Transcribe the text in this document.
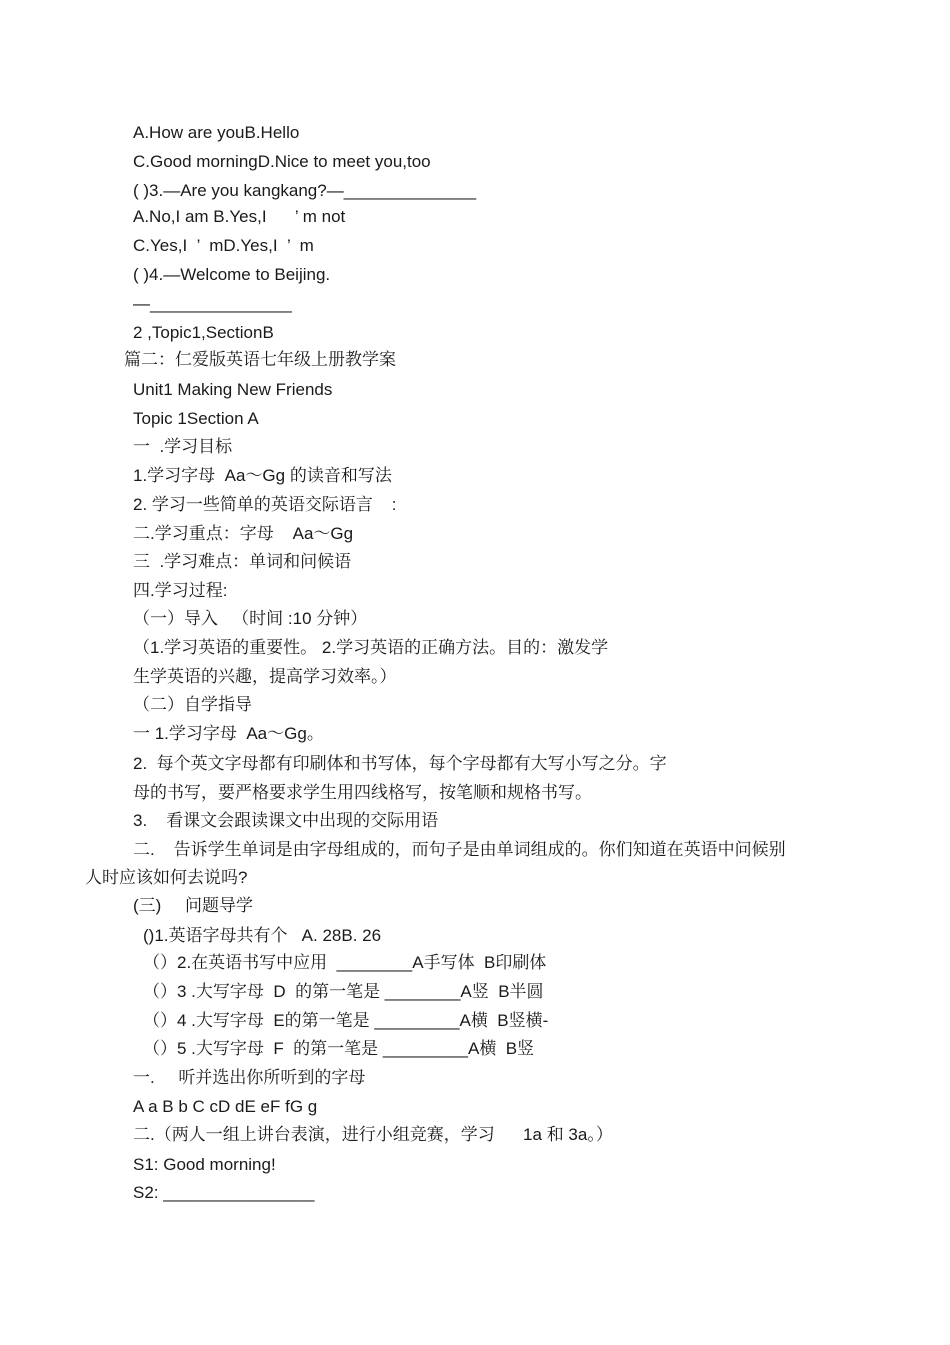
A.How are youB.Hello
C.Good morningD.Nice to meet you,too
( )3.—Are you kangkang?—______________
A.No,I am B.Yes,I      ’ m not
C.Yes,I  ’  mD.Yes,I  ’  m
( )4.—Welcome to Beijing.
—_______________
2 ,Topic1,SectionB
篇二：仁爱版英语七年级上册教学案
Unit1 Making New Friends
Topic 1Section A
一  .学习目标
1.学习字母  Aa～Gg 的读音和写法
2. 学习一些简单的英语交际语言    :
二.学习重点：字母    Aa～Gg
三  .学习难点：单词和问候语
四.学习过程:
（一）导入   （时间 :10 分钟）
（1.学习英语的重要性。 2.学习英语的正确方法。目的：激发学
生学英语的兴趣，提高学习效率。）
（二）自学指导
一 1.学习字母  Aa～Gg。
2.  每个英文字母都有印刷体和书写体，每个字母都有大写小写之分。字
母的书写，要严格要求学生用四线格写，按笔顺和规格书写。
3.    看课文会跟读课文中出现的交际用语
二.    告诉学生单词是由字母组成的，而句子是由单词组成的。你们知道在英语中问候别
人时应该如何去说吗?
(三)     问题导学
()1.英语字母共有个   A. 28B. 26
（）2.在英语书写中应用  ________A手写体  B印刷体
（）3 .大写字母  D  的第一笔是 ________A竖  B半圆
（）4 .大写字母  E的第一笔是 _________A横  B竖横-
（）5 .大写字母  F  的第一笔是 _________A横  B竖
一.     听并选出你所听到的字母
A a B b C cD dE eF fG g
二.（两人一组上讲台表演，进行小组竞赛，学习      1a 和 3a。）
S1: Good morning!
S2: ________________
